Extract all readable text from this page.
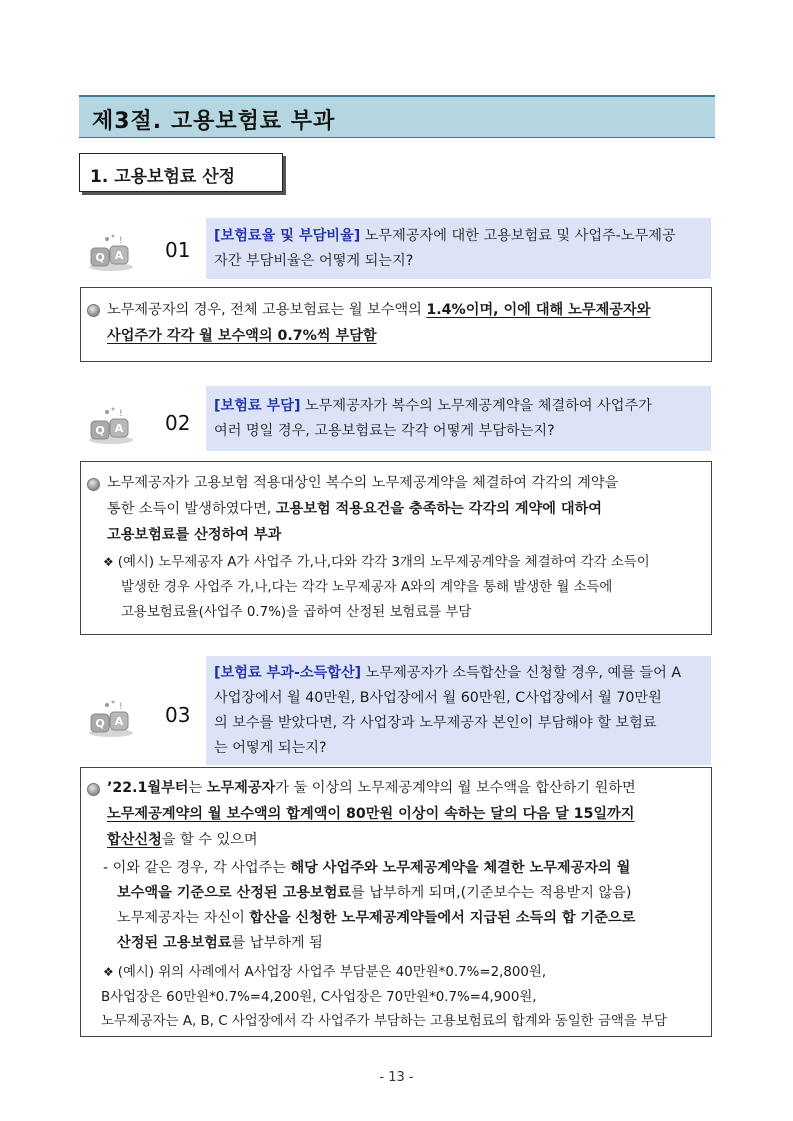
제3절. 고용보험료 부과
1. 고용보험료 산정
Q A
! 01
[보험료율 및 부담비율] 노무제공자에 대한 고용보험료 및 사업주-노무제공
자간 부담비율은 어떻게 되는지?
노무제공자의 경우, 전체 고용보험료는 월 보수액의 1.4%이며, 이에 대해 노무제공자와
사업주가 각각 월 보수액의 0.7%씩 부담함
Q A
! 02
[보험료 부담] 노무제공자가 복수의 노무제공계약을 체결하여 사업주가
여러 명일 경우, 고용보험료는 각각 어떻게 부담하는지?
노무제공자가 고용보험 적용대상인 복수의 노무제공계약을 체결하여 각각의 계약을
통한 소득이 발생하였다면, 고용보험 적용요건을 충족하는 각각의 계약에 대하여
고용보험료를 산정하여 부과
❖ (예시) 노무제공자 A가 사업주 가,나,다와 각각 3개의 노무제공계약을 체결하여 각각 소득이
발생한 경우 사업주 가,나,다는 각각 노무제공자 A와의 계약을 통해 발생한 월 소득에
고용보험료율(사업주 0.7%)을 곱하여 산정된 보험료를 부담
Q A
! 03
[보험료 부과-소득합산] 노무제공자가 소득합산을 신청할 경우, 예를 들어 A
사업장에서 월 40만원, B사업장에서 월 60만원, C사업장에서 월 70만원
의 보수를 받았다면, 각 사업장과 노무제공자 본인이 부담해야 할 보험료
는 어떻게 되는지?
’22.1월부터는 노무제공자가 둘 이상의 노무제공계약의 월 보수액을 합산하기 원하면
노무제공계약의 월 보수액의 합계액이 80만원 이상이 속하는 달의 다음 달 15일까지
합산신청을 할 수 있으며
- 이와 같은 경우, 각 사업주는 해당 사업주와 노무제공계약을 체결한 노무제공자의 월
보수액을 기준으로 산정된 고용보험료를 납부하게 되며,(기준보수는 적용받지 않음)
노무제공자는 자신이 합산을 신청한 노무제공계약들에서 지급된 소득의 합 기준으로
산정된 고용보험료를 납부하게 됨
❖ (예시) 위의 사례에서 A사업장 사업주 부담분은 40만원*0.7%=2,800원,
B사업장은 60만원*0.7%=4,200원, C사업장은 70만원*0.7%=4,900원,
노무제공자는 A, B, C 사업장에서 각 사업주가 부담하는 고용보험료의 합계와 동일한 금액을 부담
- 13 -
